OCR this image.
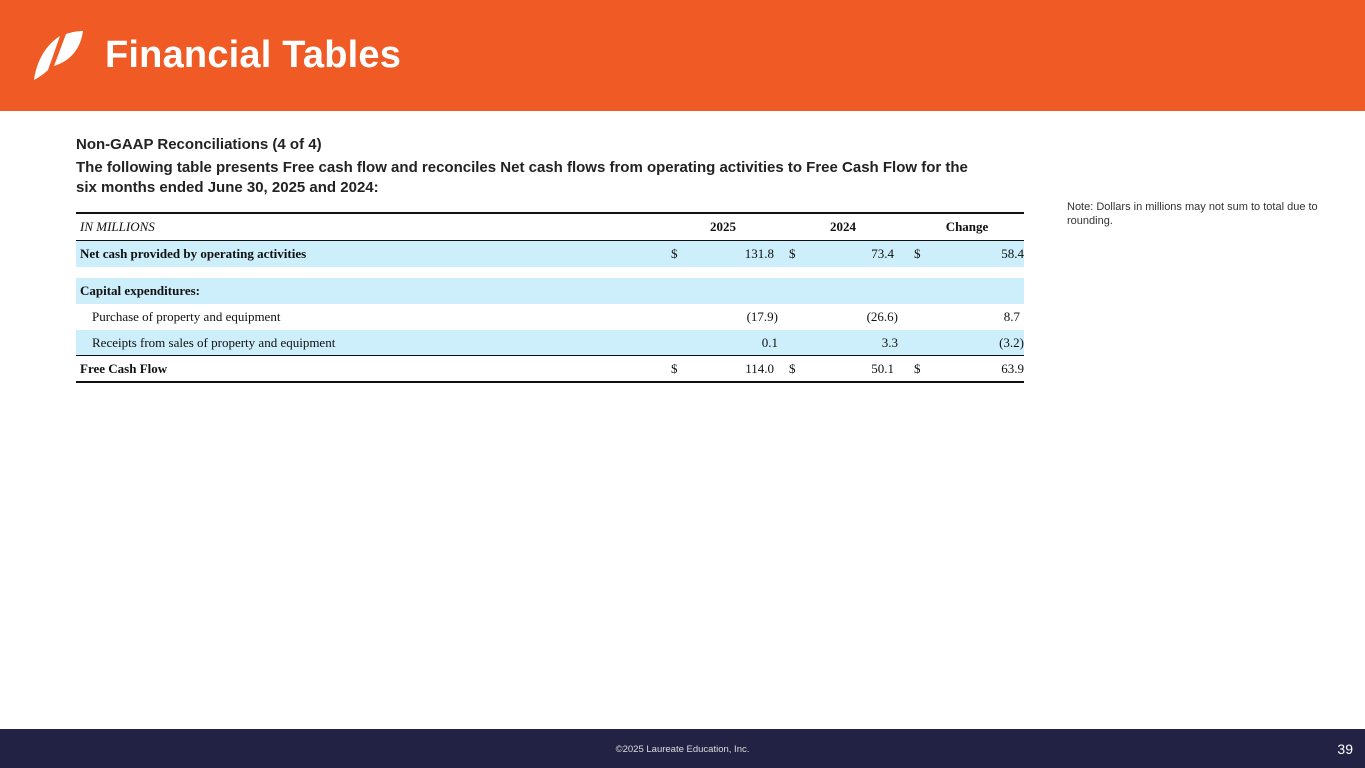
Financial Tables
Non-GAAP Reconciliations (4 of 4)
The following table presents Free cash flow and reconciles Net cash flows from operating activities to Free Cash Flow for the six months ended June 30, 2025 and 2024:
Note: Dollars in millions may not sum to total due to rounding.
IN MILLIONS	2025	2024	Change
Net cash provided by operating activities	$	131.8 $	73.4 $	58.4
Capital expenditures:
Purchase of property and equipment	(17.9)	(26.6)	8.7
Receipts from sales of property and equipment	0.1	3.3	(3.2)
Free Cash Flow	$	114.0 $	50.1 $	63.9
©2025 Laureate Education, Inc.	39
